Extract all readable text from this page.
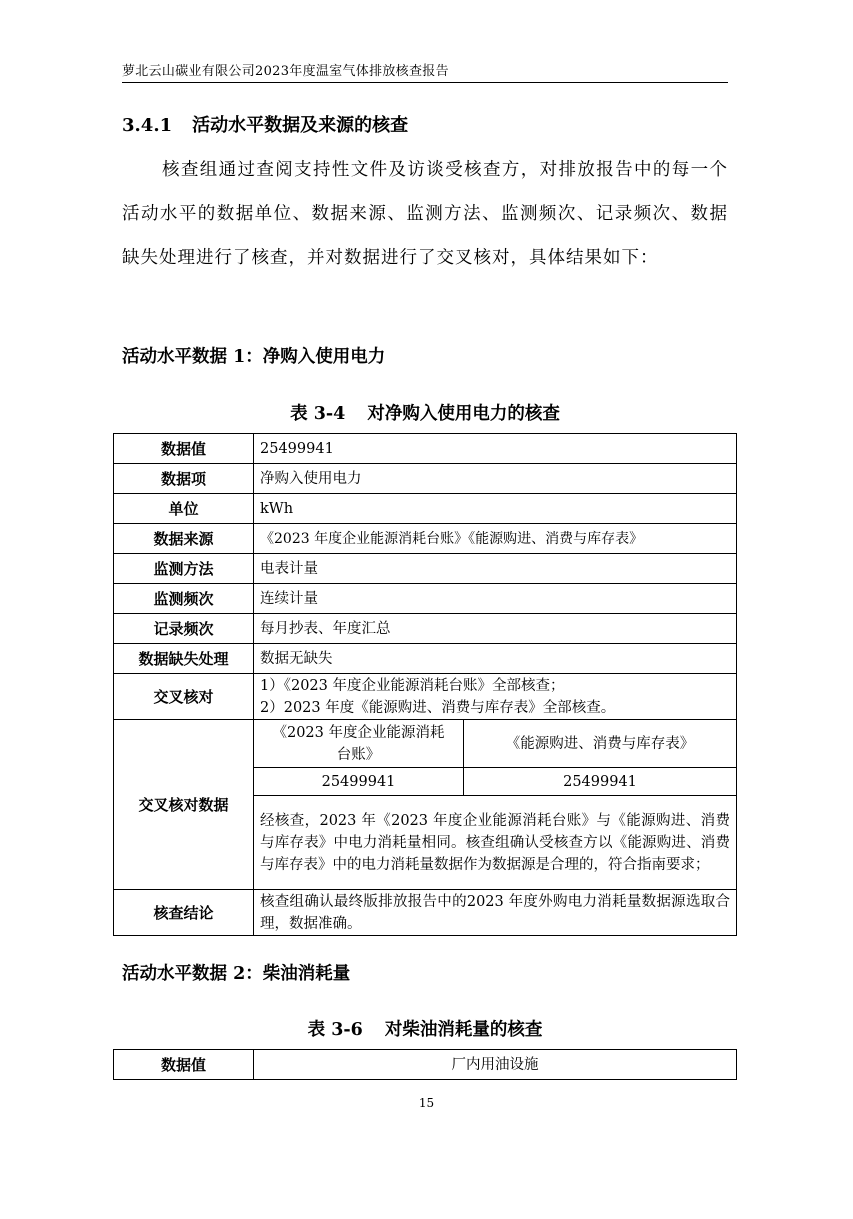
萝北云山碳业有限公司2023年度温室气体排放核查报告
3.4.1 活动水平数据及来源的核查
核查组通过查阅支持性文件及访谈受核查方，对排放报告中的每一个活动水平的数据单位、数据来源、监测方法、监测频次、记录频次、数据缺失处理进行了核查，并对数据进行了交叉核对，具体结果如下：
活动水平数据 1：净购入使用电力
表 3-4 对净购入使用电力的核查
数据值	25499941	
数据项	净购入使用电力	
单位	kWh	
数据来源	《2023 年度企业能源消耗台账》《能源购进、消费与库存表》	
监测方法	电表计量	
监测频次	连续计量	
记录频次	每月抄表、年度汇总	
数据缺失处理	数据无缺失	
交叉核对	1）《2023 年度企业能源消耗台账》全部核查；
2）2023 年度《能源购进、消费与库存表》全部核查。	

交叉核对数据	《2023 年度企业能源消耗台账》	《能源购进、消费与库存表》
	25499941	25499941
	经核查，2023 年《2023 年度企业能源消耗台账》与《能源购进、消费与库存表》中电力消耗量相同。核查组确认受核查方以《能源购进、消费与库存表》中的电力消耗量数据作为数据源是合理的，符合指南要求；	
核查结论	核查组确认最终版排放报告中的2023 年度外购电力消耗量数据源选取合理，数据准确。	
活动水平数据 2：柴油消耗量
表 3-6 对柴油消耗量的核查
数据值	厂内用油设施
15
